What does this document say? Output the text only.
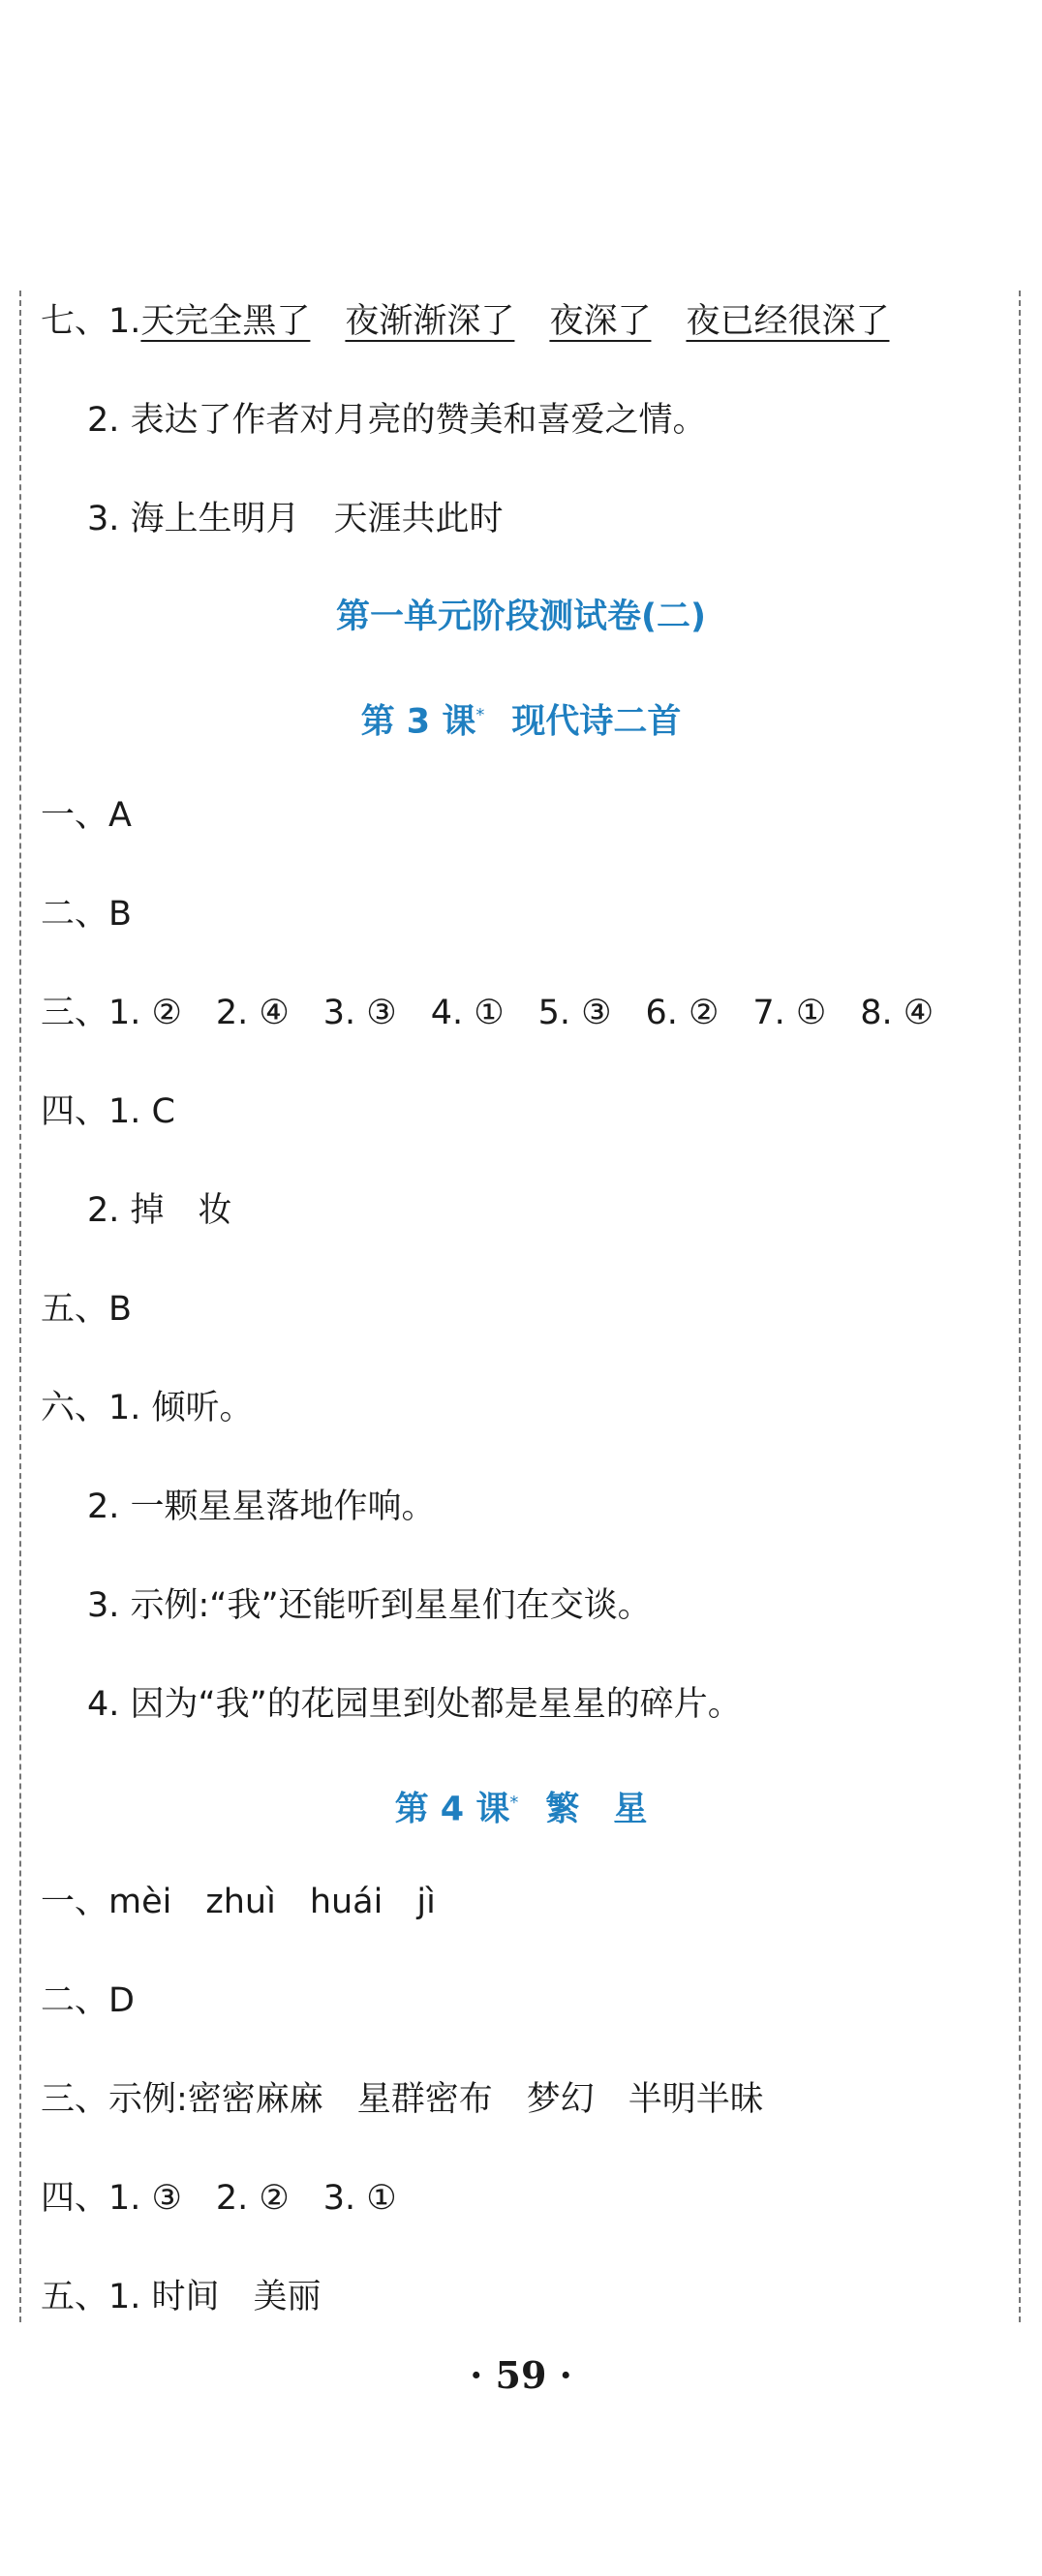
七、1.天完全黑了 夜渐渐深了 夜深了 夜已经很深了
2. 表达了作者对月亮的赞美和喜爱之情。
3. 海上生明月　天涯共此时
第一单元阶段测试卷(二)
第 3 课* 现代诗二首
一、A
二、B
三、1. ②　2. ④　3. ③　4. ①　5. ③　6. ②　7. ①　8. ④
四、1. C
2. 掉　妆
五、B
六、1. 倾听。
2. 一颗星星落地作响。
3. 示例:“我”还能听到星星们在交谈。
4. 因为“我”的花园里到处都是星星的碎片。
第 4 课* 繁　星
一、mèi　zhuì　huái　jì
二、D
三、示例:密密麻麻　星群密布　梦幻　半明半昧
四、1. ③　2. ②　3. ①
五、1. 时间　美丽
· 59 ·
